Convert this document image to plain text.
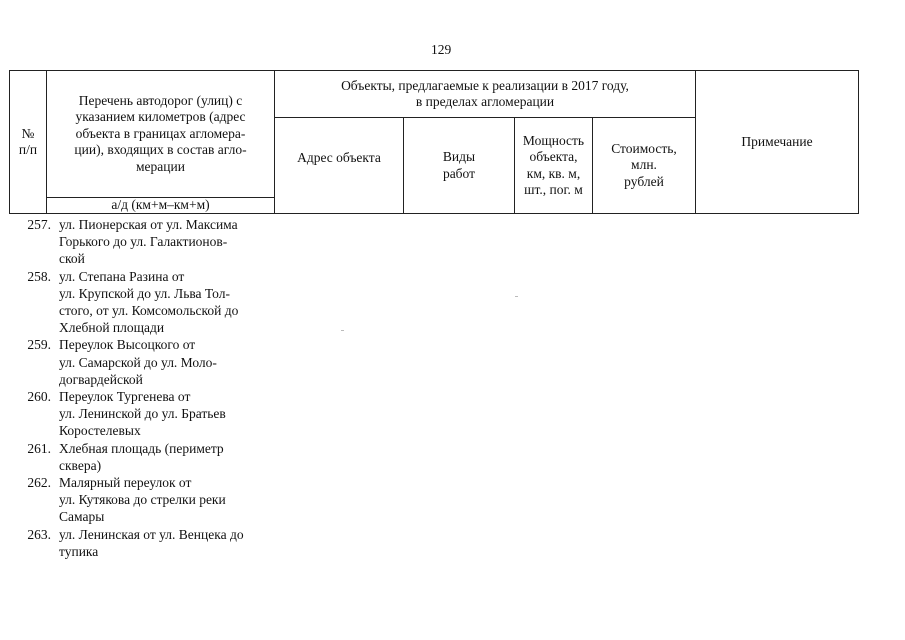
129
№
п/п
Перечень автодорог (улиц) с
указанием километров (адрес
объекта в границах агломера-
ции), входящих в состав агло-
мерации
а/д (км+м–км+м)
Объекты, предлагаемые к реализации в 2017 году,
в пределах агломерации
Адрес объекта	Виды
работ
Мощность
объекта,
км, кв. м,
шт., пог. м
Стоимость,
млн.
рублей
Примечание
257. ул. Пионерская от ул. Максима
Горького до ул. Галактионов-
ской
258. ул. Степана Разина от
ул. Крупской до ул. Льва Тол-
стого, от ул. Комсомольской до
Хлебной площади
259. Переулок Высоцкого от
ул. Самарской до ул. Моло-
догвардейской
260. Переулок Тургенева от
ул. Ленинской до ул. Братьев
Коростелевых
261. Хлебная площадь (периметр
сквера)
262. Малярный переулок от
ул. Кутякова до стрелки реки
Самары
263. ул. Ленинская от ул. Венцека до
тупика
